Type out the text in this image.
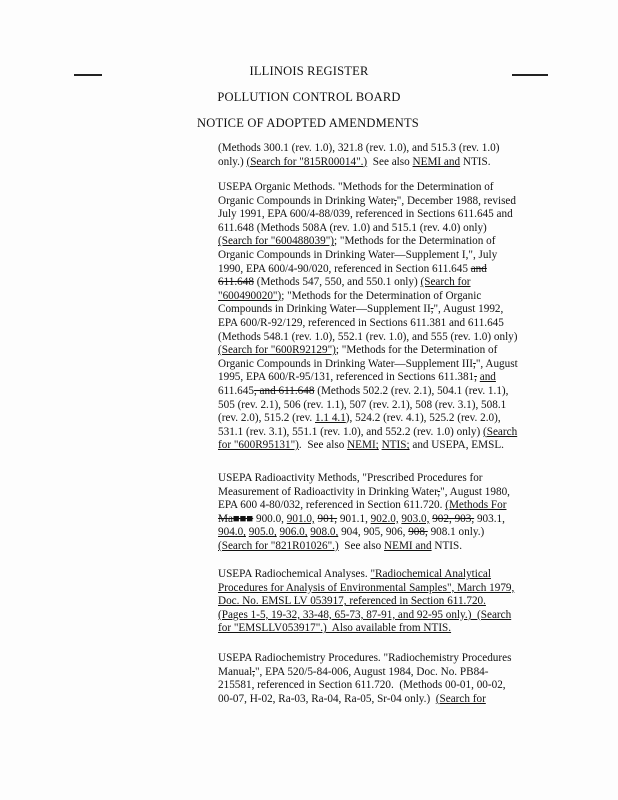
ILLINOIS REGISTER
POLLUTION CONTROL BOARD
NOTICE OF ADOPTED AMENDMENTS
(Methods 300.1 (rev. 1.0), 321.8 (rev. 1.0), and 515.3 (rev. 1.0)
only.) (Search for "815R00014".)  See also NEMI and NTIS.
USEPA Organic Methods. "Methods for the Determination of
Organic Compounds in Drinking Water,", December 1988, revised
July 1991, EPA 600/4-88/039, referenced in Sections 611.645 and
611.648 (Methods 508A (rev. 1.0) and 515.1 (rev. 4.0) only)
(Search for "600488039"); "Methods for the Determination of
Organic Compounds in Drinking Water—Supplement I,", July
1990, EPA 600/4-90/020, referenced in Section 611.645 and
611.648 (Methods 547, 550, and 550.1 only) (Search for
"600490020"); "Methods for the Determination of Organic
Compounds in Drinking Water—Supplement II,", August 1992,
EPA 600/R-92/129, referenced in Sections 611.381 and 611.645
(Methods 548.1 (rev. 1.0), 552.1 (rev. 1.0), and 555 (rev. 1.0) only)
(Search for "600R92129"); "Methods for the Determination of
Organic Compounds in Drinking Water—Supplement III,", August
1995, EPA 600/R-95/131, referenced in Sections 611.381, and
611.645, and 611.648 (Methods 502.2 (rev. 2.1), 504.1 (rev. 1.1),
505 (rev. 2.1), 506 (rev. 1.1), 507 (rev. 2.1), 508 (rev. 3.1), 508.1
(rev. 2.0), 515.2 (rev. 1.1 4.1), 524.2 (rev. 4.1), 525.2 (rev. 2.0),
531.1 (rev. 3.1), 551.1 (rev. 1.0), and 552.2 (rev. 1.0) only) (Search
for "600R95131").  See also NEMI; NTIS; and USEPA, EMSL.
USEPA Radioactivity Methods, "Prescribed Procedures for
Measurement of Radioactivity in Drinking Water,", August 1980,
EPA 600 4-80/032, referenced in Section 611.720. (Methods For
Ma■■■ 900.0, 901.0, 901, 901.1, 902.0, 903.0, 902, 903, 903.1,
904.0, 905.0, 906.0, 908.0, 904, 905, 906, 908, 908.1 only.)
(Search for "821R01026".)  See also NEMI and NTIS.
USEPA Radiochemical Analyses. "Radiochemical Analytical
Procedures for Analysis of Environmental Samples", March 1979,
Doc. No. EMSL LV 053917, referenced in Section 611.720.
(Pages 1-5, 19-32, 33-48, 65-73, 87-91, and 92-95 only.)  (Search
for "EMSLLV053917".)  Also available from NTIS.
USEPA Radiochemistry Procedures. "Radiochemistry Procedures
Manual,", EPA 520/5-84-006, August 1984, Doc. No. PB84-
215581, referenced in Section 611.720.  (Methods 00-01, 00-02,
00-07, H-02, Ra-03, Ra-04, Ra-05, Sr-04 only.)  (Search for
